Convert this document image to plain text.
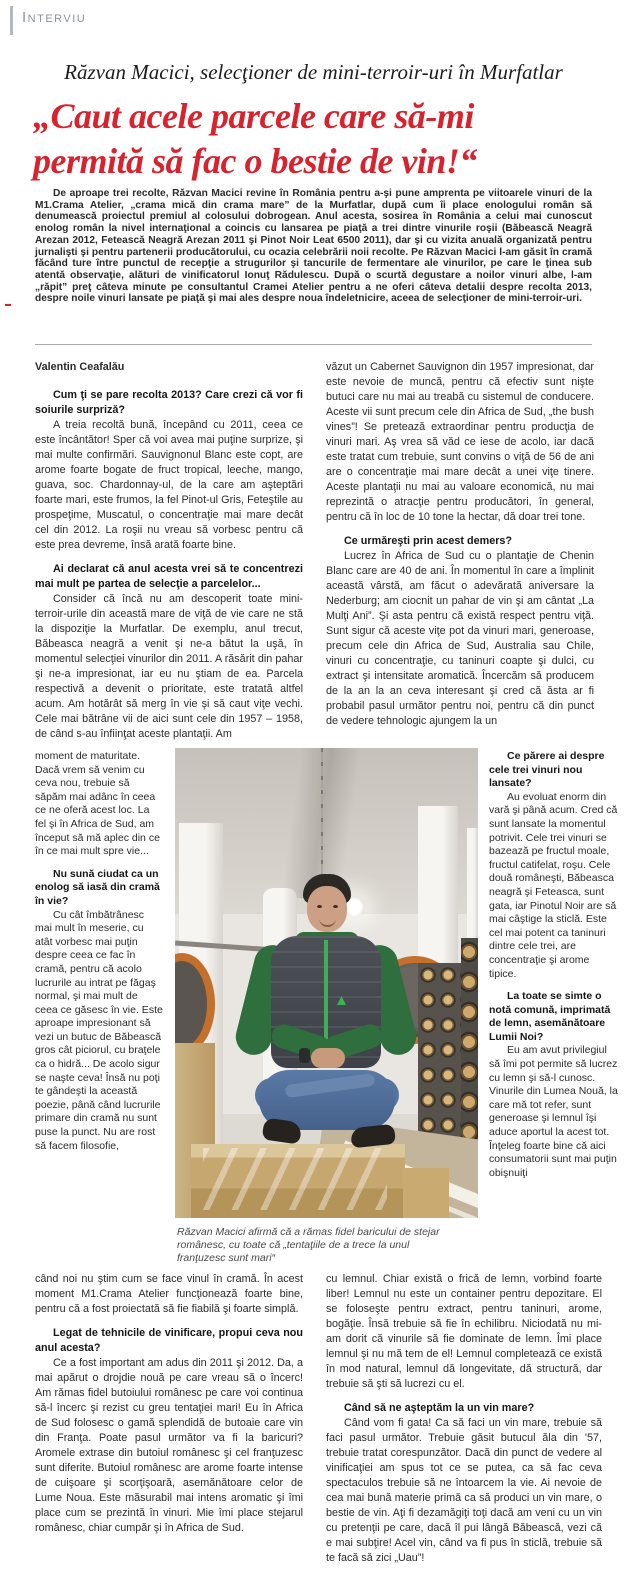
Interviu
Răzvan Macici, selecţioner de mini-terroir-uri în Murfatlar
„Caut acele parcele care să-mi
permită să fac o bestie de vin!“

De aproape trei recolte, Răzvan Macici revine în România pentru a-şi pune amprenta pe viitoarele vinuri de la M1.Crama Atelier, „crama mică din crama mare” de la Murfatlar, după cum îi place enologului român să denumească proiectul premiul al colosului dobrogean. Anul acesta, sosirea în România a celui mai cunoscut enolog român la nivel internaţional a coincis cu lansarea pe piaţă a trei dintre vinurile roşii (Băbească Neagră Arezan 2012, Fetească Neagră Arezan 2011 şi Pinot Noir Leat 6500 2011), dar şi cu vizita anuală organizată pentru jurnalişti şi pentru partenerii producătorului, cu ocazia celebrării noii recolte. Pe Răzvan Macici l-am găsit în cramă făcând ture între punctul de recepţie a strugurilor şi tancurile de fermentare ale vinurilor, pe care le ţinea sub atentă observaţie, alături de vinificatorul Ionuţ Rădulescu. După o scurtă degustare a noilor vinuri albe, l-am „răpit” preţ câteva minute pe consultantul Cramei Atelier pentru a ne oferi câteva detalii despre recolta 2013, despre noile vinuri lansate pe piaţă şi mai ales despre noua îndeletnicire, aceea de selecţioner de mini-terroir-uri.

Valentin Ceafalău

Cum ţi se pare recolta 2013? Care crezi că vor fi soiurile surpriză?

A treia recoltă bună, începând cu 2011, ceea ce este încântător! Sper că voi avea mai puţine surprize, şi mai multe confirmări. Sauvignonul Blanc este copt, are arome foarte bogate de fruct tropical, leeche, mango, guava, soc. Chardonnay-ul, de la care am aşteptări foarte mari, este frumos, la fel Pinot-ul Gris, Feteştile au prospeţime, Muscatul, o concentraţie mai mare decât cel din 2012. La roşii nu vreau să vorbesc pentru că este prea devreme, însă arată foarte bine.

Ai declarat că anul acesta vrei să te concentrezi mai mult pe partea de selecţie a parcelelor...

Consider că încă nu am descoperit toate mini-terroir-urile din această mare de viţă de vie care ne stă la dispoziţie la Murfatlar. De exemplu, anul trecut, Băbeasca neagră a venit şi ne-a bătut la uşă, în momentul selecţiei vinurilor din 2011. A răsărit din pahar şi ne-a impresionat, iar eu nu ştiam de ea. Parcela respectivă a devenit o prioritate, este tratată altfel acum. Am hotărât să merg în vie şi să caut viţe vechi. Cele mai bătrâne vii de aici sunt cele din 1957 – 1958, de când s-au înfiinţat aceste plantaţii. Am

văzut un Cabernet Sauvignon din 1957 impresionat, dar este nevoie de muncă, pentru că efectiv sunt nişte butuci care nu mai au treabă cu sistemul de conducere. Aceste vii sunt precum cele din Africa de Sud, „the bush vines”! Se pretează extraordinar pentru producţia de vinuri mari. Aş vrea să văd ce iese de acolo, iar dacă este tratat cum trebuie, sunt convins o viţă de 56 de ani are o concentraţie mai mare decât a unei viţe tinere. Aceste plantaţii nu mai au valoare economică, nu mai reprezintă o atracţie pentru producători, în general, pentru că în loc de 10 tone la hectar, dă doar trei tone.

Ce urmăreşti prin acest demers?

Lucrez în Africa de Sud cu o plantaţie de Chenin Blanc care are 40 de ani. În momentul în care a împlinit această vârstă, am făcut o adevărată aniversare la Nederburg; am ciocnit un pahar de vin şi am cântat „La Mulţi Ani”. Şi asta pentru că există respect pentru viţă. Sunt sigur că aceste viţe pot da vinuri mari, generoase, precum cele din Africa de Sud, Australia sau Chile, vinuri cu concentraţie, cu taninuri coapte şi dulci, cu extract şi intensitate aromatică. Încercăm să producem de la an la an ceva interesant şi cred că ăsta ar fi probabil pasul următor pentru noi, pentru că din punct de vedere tehnologic ajungem la un

moment de maturitate. Dacă vrem să venim cu ceva nou, trebuie să săpăm mai adânc în ceea ce ne oferă acest loc. La fel şi în Africa de Sud, am început să mă aplec din ce în ce mai mult spre vie...

Nu sună ciudat ca un enolog să iasă din cramă în vie?

Cu cât îmbătrânesc mai mult în meserie, cu atât vorbesc mai puţin despre ceea ce fac în cramă, pentru că acolo lucrurile au intrat pe făgaş normal, şi mai mult de ceea ce găsesc în vie. Este aproape impresionant să vezi un butuc de Băbească gros cât piciorul, cu braţele ca o hidră... De acolo sigur se naşte ceva! Însă nu poţi te gândeşti la această poezie, până când lucrurile primare din cramă nu sunt puse la punct. Nu are rost să facem filosofie,

Ce părere ai despre cele trei vinuri nou lansate?

Au evoluat enorm din vară şi până acum. Cred că sunt lansate la momentul potrivit. Cele trei vinuri se bazează pe fructul moale, fructul catifelat, roşu. Cele două româneşti, Băbeasca neagră şi Feteasca, sunt gata, iar Pinotul Noir are să mai câştige la sticlă. Este cel mai potent ca taninuri dintre cele trei, are concentraţie şi arome tipice.

La toate se simte o notă comună, imprimată de lemn, asemănătoare Lumii Noi?

Eu am avut privilegiul să îmi pot permite să lucrez cu lemn şi să-l cunosc. Vinurile din Lumea Nouă, la care mă tot refer, sunt generoase şi lemnul îşi aduce aportul la acest tot. Înţeleg foarte bine că aici consumatorii sunt mai puţin obişnuiţi

Răzvan Macici afirmă că a rămas fidel baricului de stejar românesc, cu toate că „tentaţiile de a trece la unul franţuzesc sunt mari“

când noi nu ştim cum se face vinul în cramă. În acest moment M1.Crama Atelier funcţionează foarte bine, pentru că a fost proiectată să fie fiabilă şi foarte simplă.

Legat de tehnicile de vinificare, propui ceva nou anul acesta?

Ce a fost important am adus din 2011 şi 2012. Da, a mai apărut o drojdie nouă pe care vreau să o încerc! Am rămas fidel butoiului românesc pe care voi continua să-l încerc şi rezist cu greu tentaţiei mari! Eu în Africa de Sud folosesc o gamă splendidă de butoaie care vin din Franţa. Poate pasul următor va fi la baricuri? Aromele extrase din butoiul românesc şi cel franţuzesc sunt diferite. Butoiul românesc are arome foarte intense de cuişoare şi scorţişoară, asemănătoare celor de Lume Noua. Este măsurabil mai intens aromatic şi îmi place cum se prezintă în vinuri. Mie îmi place stejarul românesc, chiar cumpăr şi în Africa de Sud.

cu lemnul. Chiar există o frică de lemn, vorbind foarte liber! Lemnul nu este un container pentru depozitare. El se foloseşte pentru extract, pentru taninuri, arome, bogăţie. Însă trebuie să fie în echilibru. Niciodată nu mi-am dorit că vinurile să fie dominate de lemn. Îmi place lemnul şi nu mă tem de el! Lemnul completează ce există în mod natural, lemnul dă longevitate, dă structură, dar trebuie să şti să lucrezi cu el.

Când să ne aşteptăm la un vin mare?

Când vom fi gata! Ca să faci un vin mare, trebuie să faci pasul următor. Trebuie găsit butucul ăla din ’57, trebuie tratat corespunzător. Dacă din punct de vedere al vinificaţiei am spus tot ce se putea, ca să fac ceva spectaculos trebuie să ne întoarcem la vie. Ai nevoie de cea mai bună materie primă ca să produci un vin mare, o bestie de vin. Aţi fi dezamăgiţi toţi dacă am veni cu un vin cu pretenţii pe care, dacă îl pui lângă Băbească, vezi că e mai subţire! Acel vin, când va fi pus în sticlă, trebuie să te facă să zici „Uau”!
